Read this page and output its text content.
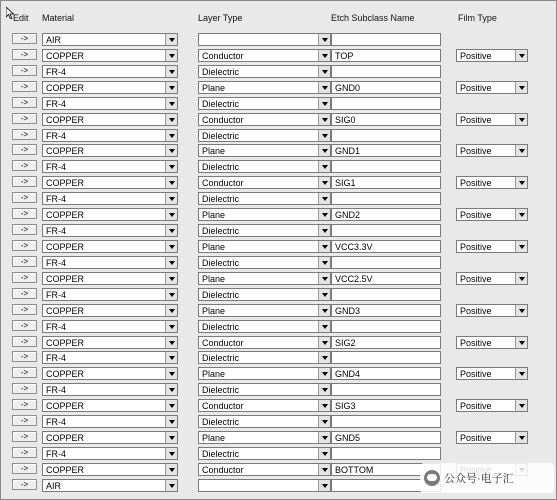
Edit Material	Layer Type	Etch Subclass Name	Film Type
->	AIR
->	COPPER	Conductor	TOP	Positive
->	FR-4	Dielectric
->	COPPER	Plane	GND0	Positive
->	FR-4	Dielectric
->	COPPER	Conductor	SIG0	Positive
->	FR-4	Dielectric
->	COPPER	Plane	GND1	Positive
->	FR-4	Dielectric
->	COPPER	Conductor	SIG1	Positive
->	FR-4	Dielectric
->	COPPER	Plane	GND2	Positive
->	FR-4	Dielectric
->	COPPER	Plane	VCC3.3V	Positive
->	FR-4	Dielectric
->	COPPER	Plane	VCC2.5V	Positive
->	FR-4	Dielectric
->	COPPER	Plane	GND3	Positive
->	FR-4	Dielectric
->	COPPER	Conductor	SIG2	Positive
->	FR-4	Dielectric
->	COPPER	Plane	GND4	Positive
->	FR-4	Dielectric
->	COPPER	Conductor	SIG3	Positive
->	FR-4	Dielectric
->	COPPER	Plane	GND5	Positive
->	FR-4	Dielectric
->	COPPER	Conductor	BOTTOM
->	AIR
公众号·电子汇
